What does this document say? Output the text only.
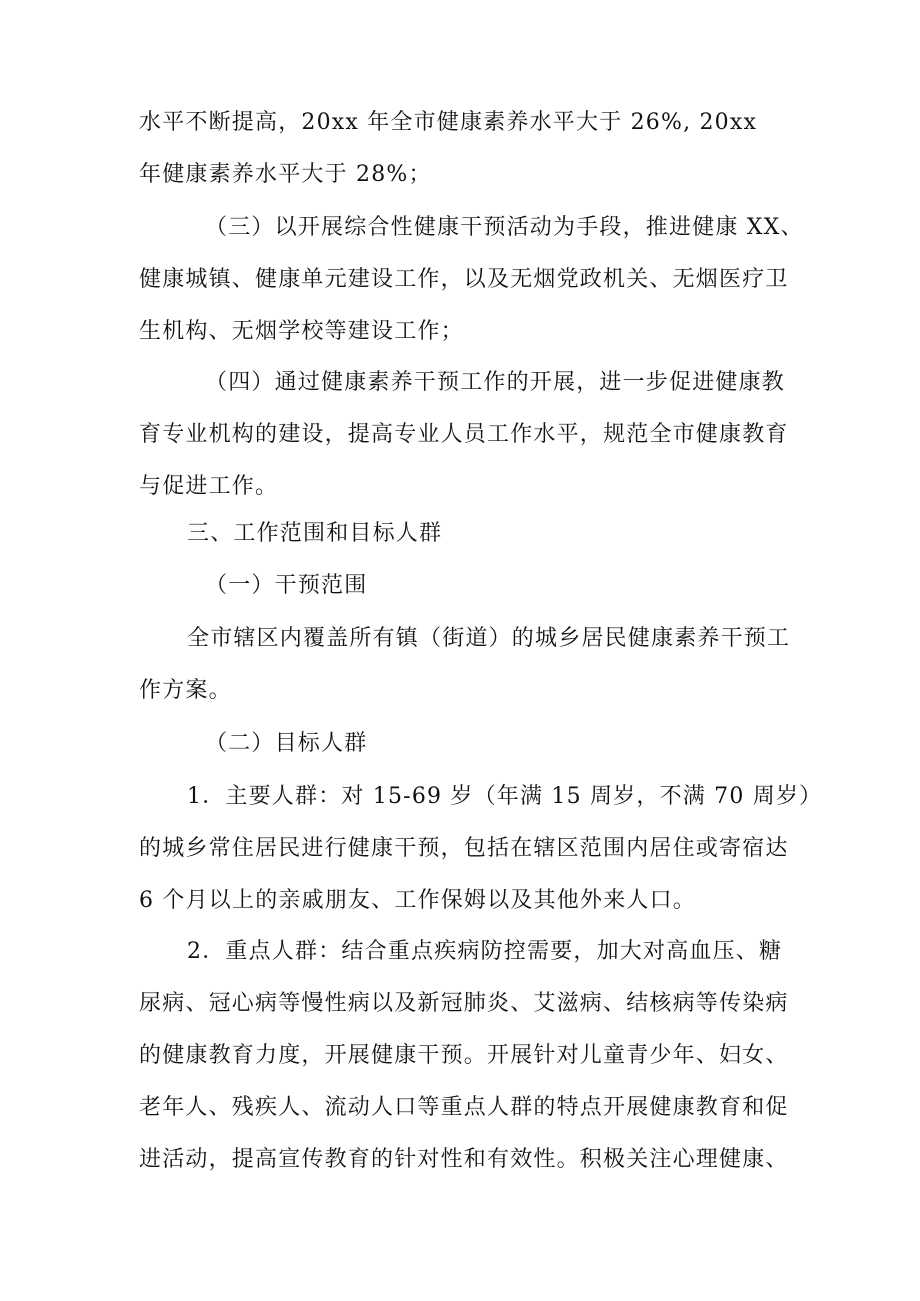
水平不断提高，20xx 年全市健康素养水平大于 26%, 20xx
年健康素养水平大于 28%；
（三）以开展综合性健康干预活动为手段，推进健康 XX、
健康城镇、健康单元建设工作，以及无烟党政机关、无烟医疗卫
生机构、无烟学校等建设工作；
（四）通过健康素养干预工作的开展，进一步促进健康教
育专业机构的建设，提高专业人员工作水平，规范全市健康教育
与促进工作。
三、工作范围和目标人群
（一）干预范围
全市辖区内覆盖所有镇（街道）的城乡居民健康素养干预工
作方案。
（二）目标人群
1．主要人群：对 15-69 岁（年满 15 周岁，不满 70 周岁）
的城乡常住居民进行健康干预，包括在辖区范围内居住或寄宿达
6 个月以上的亲戚朋友、工作保姆以及其他外来人口。
2．重点人群：结合重点疾病防控需要，加大对高血压、糖
尿病、冠心病等慢性病以及新冠肺炎、艾滋病、结核病等传染病
的健康教育力度，开展健康干预。开展针对儿童青少年、妇女、
老年人、残疾人、流动人口等重点人群的特点开展健康教育和促
进活动，提高宣传教育的针对性和有效性。积极关注心理健康、
